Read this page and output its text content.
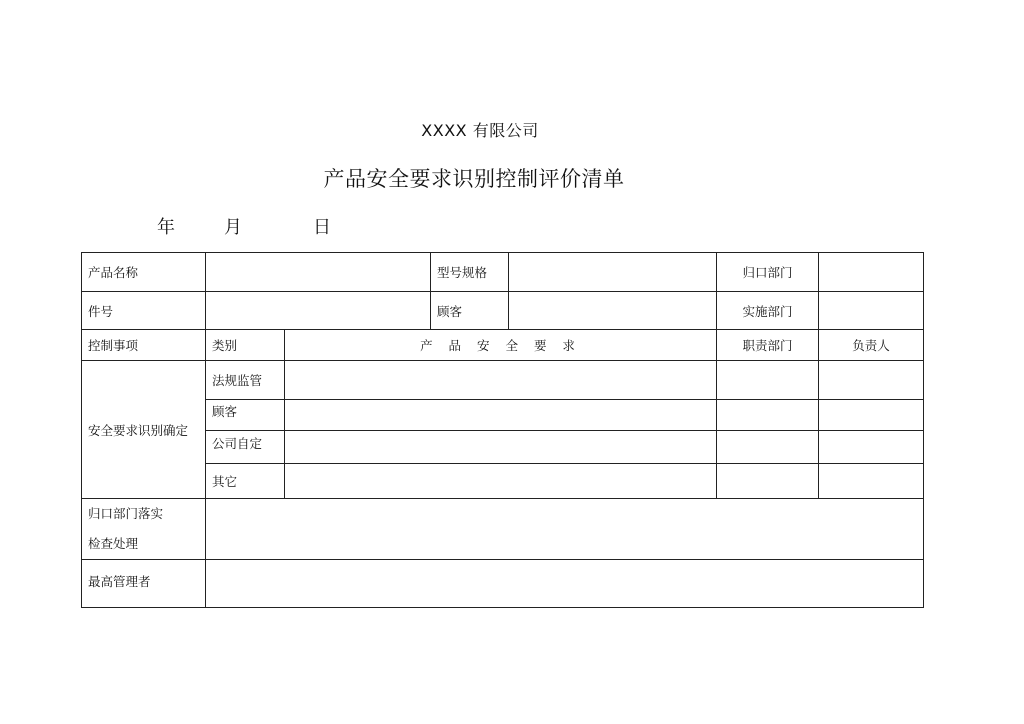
XXXX 有限公司
产品安全要求识别控制评价清单
年	月	日
产品名称			型号规格		归口部门	
件号			顾客		实施部门	
控制事项	类别	产 品 安 全 要 求			职责部门	负责人
安全要求识别确定	法规监管					
	顾客					
	公司自定					
	其它					

归口部门落实
检查处理						

最高管理者						
